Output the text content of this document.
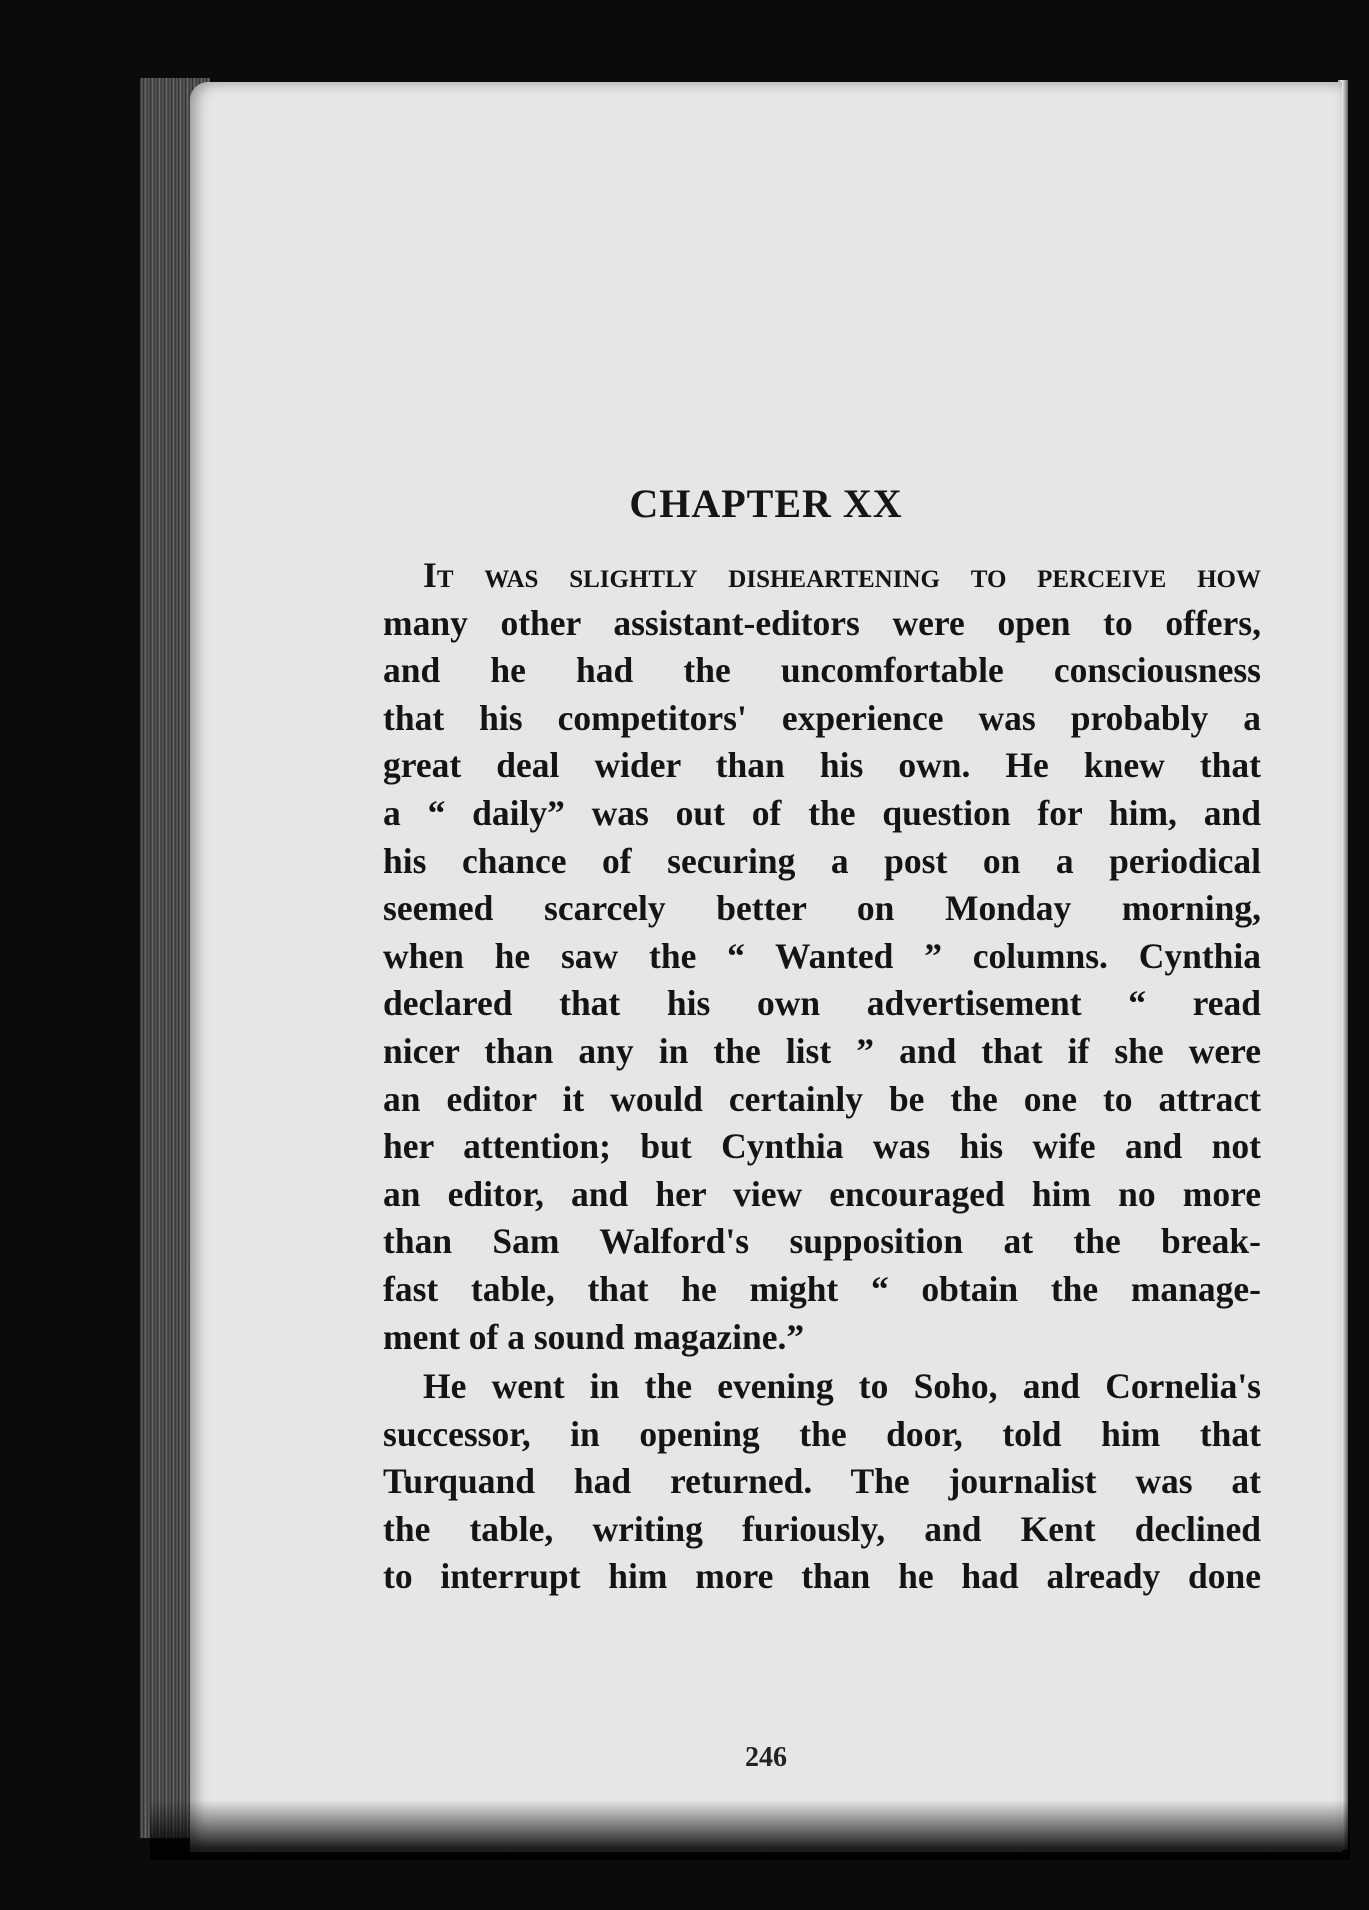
CHAPTER XX
It was slightly disheartening to perceive how
many other assistant-editors were open to offers,
and he had the uncomfortable consciousness
that his competitors' experience was probably a
great deal wider than his own. He knew that
a “ daily” was out of the question for him, and
his chance of securing a post on a periodical
seemed scarcely better on Monday morning,
when he saw the “ Wanted ” columns. Cynthia
declared that his own advertisement “ read
nicer than any in the list ” and that if she were
an editor it would certainly be the one to attract
her attention; but Cynthia was his wife and not
an editor, and her view encouraged him no more
than Sam Walford's supposition at the break-
fast table, that he might “ obtain the manage-
ment of a sound magazine.”
He went in the evening to Soho, and Cornelia's
successor, in opening the door, told him that
Turquand had returned. The journalist was at
the table, writing furiously, and Kent declined
to interrupt him more than he had already done
246
